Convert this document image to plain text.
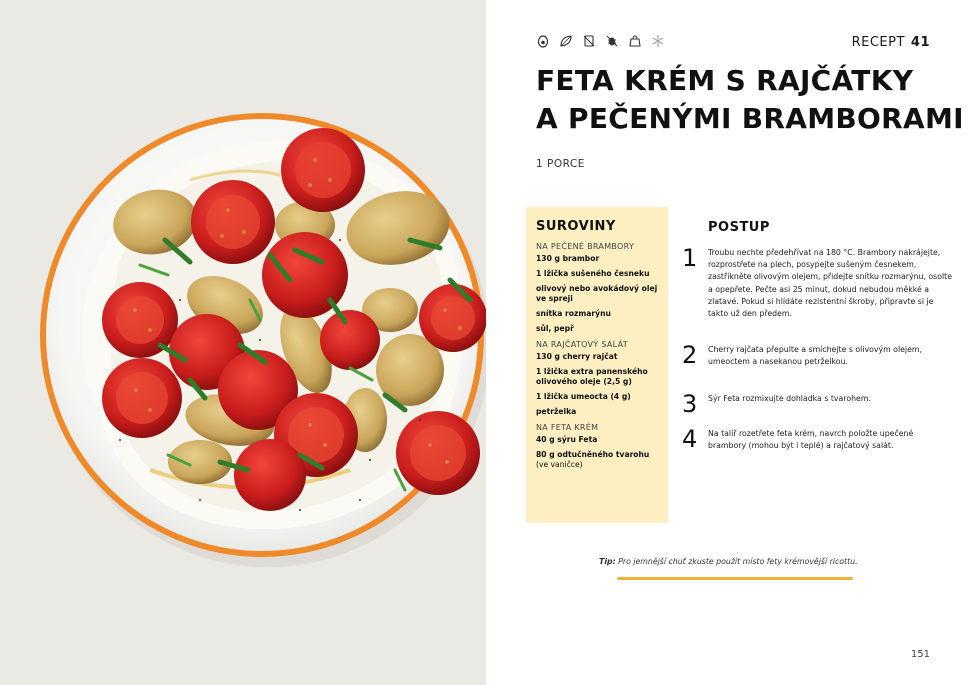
RECEPT 41
FETA KRÉM S RAJČÁTKY
A PEČENÝMI BRAMBORAMI
1 PORCE
SUROVINY
NA PEČENÉ BRAMBORY
130 g brambor
1 lžička sušeného česneku
olivový nebo avokádový olej ve spreji
snítka rozmarýnu
sůl, pepř
NA RAJČATOVÝ SALÁT
130 g cherry rajčat
1 lžička extra panenského olivového oleje (2,5 g)
1 lžička umeocta (4 g)
petrželka
NA FETA KRÉM
40 g sýru Feta
80 g odtučněného tvarohu
(ve vaničce)
POSTUP
1	Troubu nechte předehřívat na 180 °C. Brambory nakrájejte, rozprostřete na plech, posypejte sušeným česnekem, zastříkněte olivovým olejem, přidejte snítku rozmarýnu, osolte a opepřete. Pečte asi 25 minut, dokud nebudou měkké a zlatavé. Pokud si hlídáte rezistentní škroby, připravte si je takto už den předem.
2	Cherry rajčata přepulte a smíchejte s olivovým olejem, umeoctem a nasekanou petrželkou.
3	Sýr Feta rozmixujte dohladka s tvarohem.
4	Na talíř rozetřete feta krém, navrch položte upečené brambory (mohou být i teplé) a rajčatový salát.
Tip: Pro jemnější chuť zkuste použít místo fety krémovější ricottu.
151
